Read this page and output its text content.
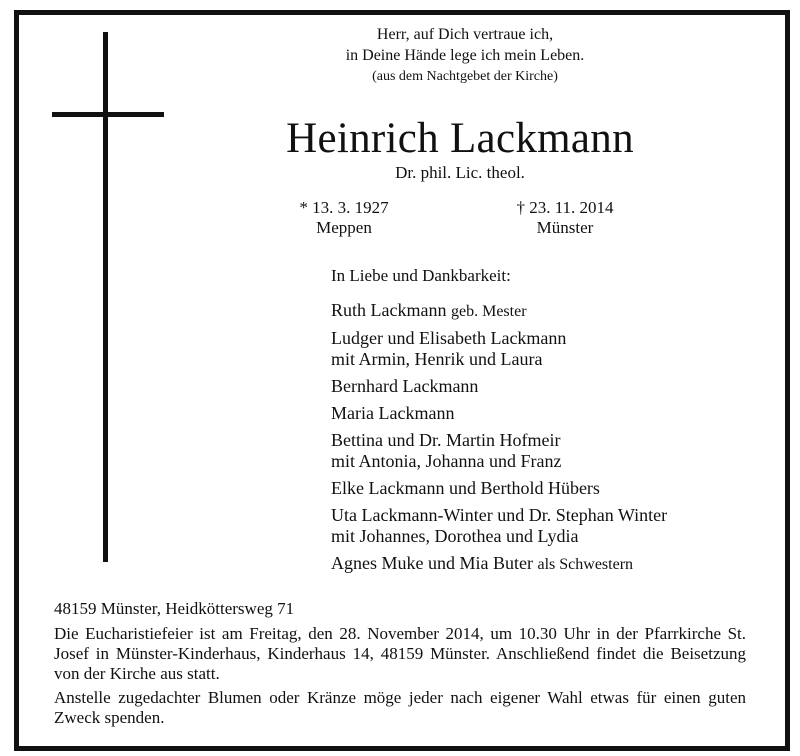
Herr, auf Dich vertraue ich,
in Deine Hände lege ich mein Leben.
(aus dem Nachtgebet der Kirche)
Heinrich Lackmann
Dr. phil. Lic. theol.
* 13. 3. 1927
Meppen
† 23. 11. 2014
Münster
In Liebe und Dankbarkeit:
Ruth Lackmann geb. Mester
Ludger und Elisabeth Lackmann
mit Armin, Henrik und Laura
Bernhard Lackmann
Maria Lackmann
Bettina und Dr. Martin Hofmeir
mit Antonia, Johanna und Franz
Elke Lackmann und Berthold Hübers
Uta Lackmann-Winter und Dr. Stephan Winter
mit Johannes, Dorothea und Lydia
Agnes Muke und Mia Buter als Schwestern
48159 Münster, Heidköttersweg 71
Die Eucharistiefeier ist am Freitag, den 28. November 2014, um 10.30 Uhr in der Pfarrkirche St. Josef in Münster-Kinderhaus, Kinderhaus 14, 48159 Münster. Anschließend findet die Beisetzung von der Kirche aus statt.
Anstelle zugedachter Blumen oder Kränze möge jeder nach eigener Wahl etwas für einen guten Zweck spenden.
